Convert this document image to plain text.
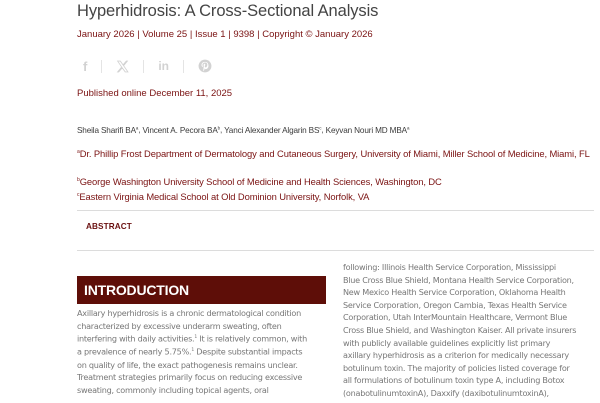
Hyperhidrosis: A Cross-Sectional Analysis
January 2026 | Volume 25 | Issue 1 | 9398 | Copyright © January 2026
f	in
Published online December 11, 2025
Sheila Sharifi $BA^a$, Vincent A. Pecora $BA^b$, Yanci Alexander Algarin $BS^c$, Keyvan Nouri MD MBA$^a$
$^a$Dr. Phillip Frost Department of Dermatology and Cutaneous Surgery, University of Miami, Miller School of Medicine, Miami, FL
$^b$George Washington University School of Medicine and Health Sciences, Washington, DC
$^c$Eastern Virginia Medical School at Old Dominion University, Norfolk, VA
ABSTRACT
INTRODUCTION

Axillary hyperhidrosis is a chronic dermatological condition

characterized by excessive underarm sweating, often

interfering with daily activities.$^1$ It is relatively common, with

a prevalence of nearly 5.75%.$^1$ Despite substantial impacts

on quality of life, the exact pathogenesis remains unclear.

Treatment strategies primarily focus on reducing excessive

sweating, commonly including topical agents, oral

following: Illinois Health Service Corporation, Mississippi

Blue Cross Blue Shield, Montana Health Service Corporation,

New Mexico Health Service Corporation, Oklahoma Health

Service Corporation, Oregon Cambia, Texas Health Service

Corporation, Utah InterMountain Healthcare, Vermont Blue

Cross Blue Shield, and Washington Kaiser. All private insurers

with publicly available guidelines explicitly list primary

axillary hyperhidrosis as a criterion for medically necessary

botulinum toxin. The majority of policies listed coverage for

all formulations of botulinum toxin type A, including Botox

(onabotulinumtoxinA), Daxxify (daxibotulinumtoxinA),
